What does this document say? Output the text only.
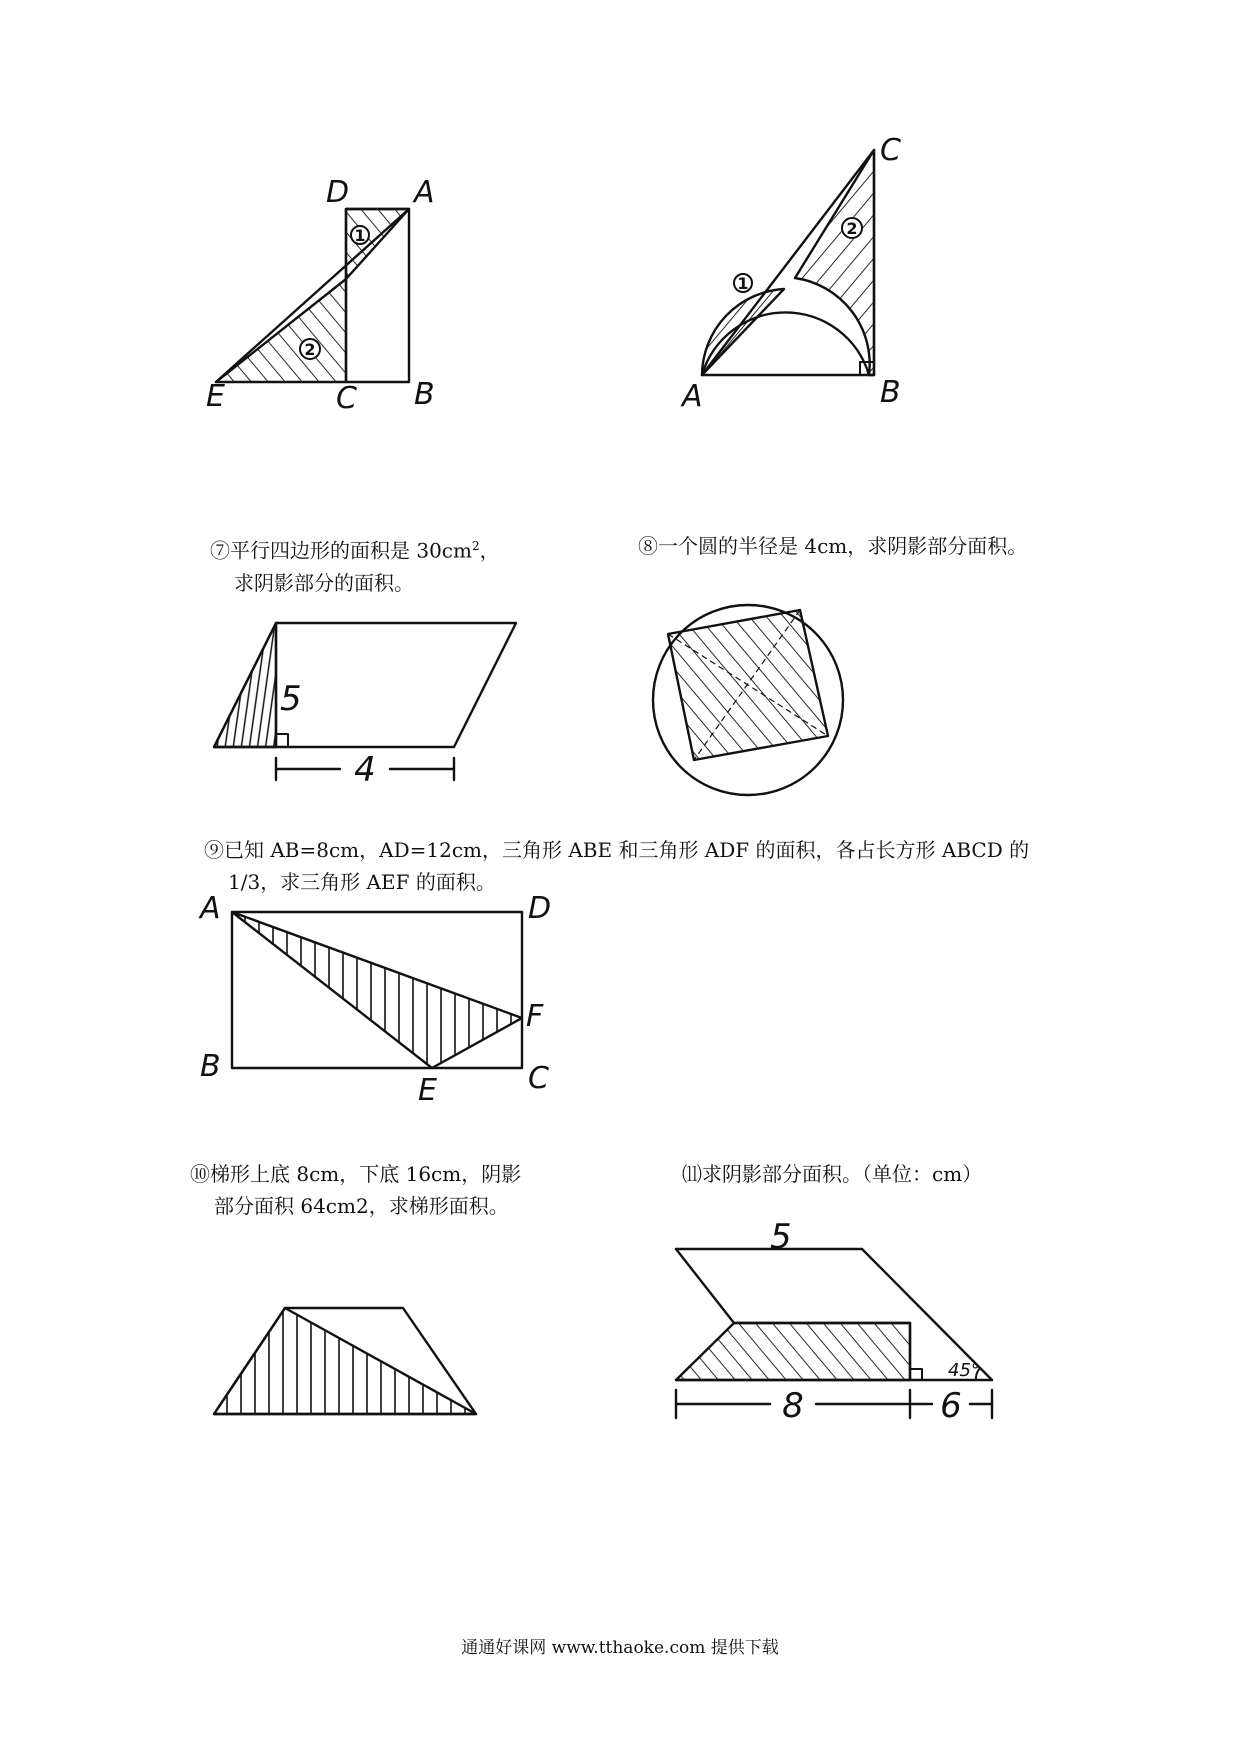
1
2
D A
E	C B
1
2
C
A	B
⑦平行四边形的面积是 $30cm^2$，
求阴影部分的面积。
⑧一个圆的半径是 4cm，求阴影部分面积。
5
4
⑨已知 AB=8cm，AD=12cm，三角形 ABE 和三角形 ADF 的面积，各占长方形 ABCD 的
1/3，求三角形 AEF 的面积。
A	D
B	C
E
F
⑩梯形上底 8cm，下底 16cm，阴影
部分面积 64cm2，求梯形面积。
⑾求阴影部分面积。（单位：cm）
5
45°
8	6
通通好课网 www.tthaoke.com 提供下载
